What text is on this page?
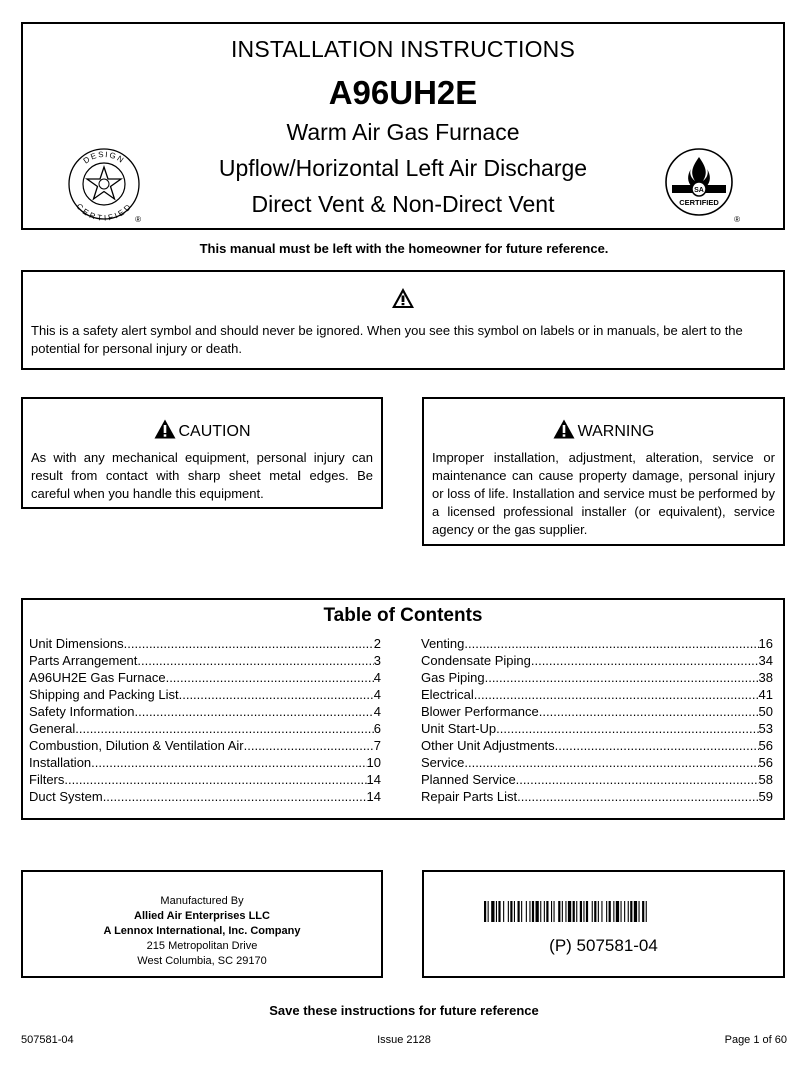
INSTALLATION INSTRUCTIONS
A96UH2E
Warm Air Gas Furnace
Upflow/Horizontal Left Air Discharge
Direct Vent & Non-Direct Vent
DESIGN
CERTIFIED
®
SA
CERTIFIED
®
This manual must be left with the homeowner for future reference.
This is a safety alert symbol and should never be ignored. When you see this symbol on labels or in manuals, be alert to the potential for personal injury or death.
CAUTION
As with any mechanical equipment, personal injury can result from contact with sharp sheet metal edges. Be careful when you handle this equipment.
WARNING
Improper installation, adjustment, alteration, service or maintenance can cause property damage, personal injury or loss of life. Installation and service must be performed by a licensed professional installer (or equivalent), service agency or the gas supplier.
Table of Contents
Unit Dimensions .....	2
Parts Arrangement .....	3
A96UH2E Gas Furnace .....	4
Shipping and Packing List .....	4
Safety Information .....	4
General .....	6
Combustion, Dilution & Ventilation Air .....	7
Installation .....	10
Filters .....	14
Duct System .....	14
Venting .....	16
Condensate Piping .....	34
Gas Piping .....	38
Electrical .....	41
Blower Performance .....	50
Unit Start-Up .....	53
Other Unit Adjustments .....	56
Service .....	56
Planned Service .....	58
Repair Parts List .....	59
Manufactured By
Allied Air Enterprises LLC
A Lennox International, Inc. Company
215 Metropolitan Drive
West Columbia, SC 29170
(P) 507581-04
Save these instructions for future reference
507581-04	Issue 2128	Page 1 of 60
